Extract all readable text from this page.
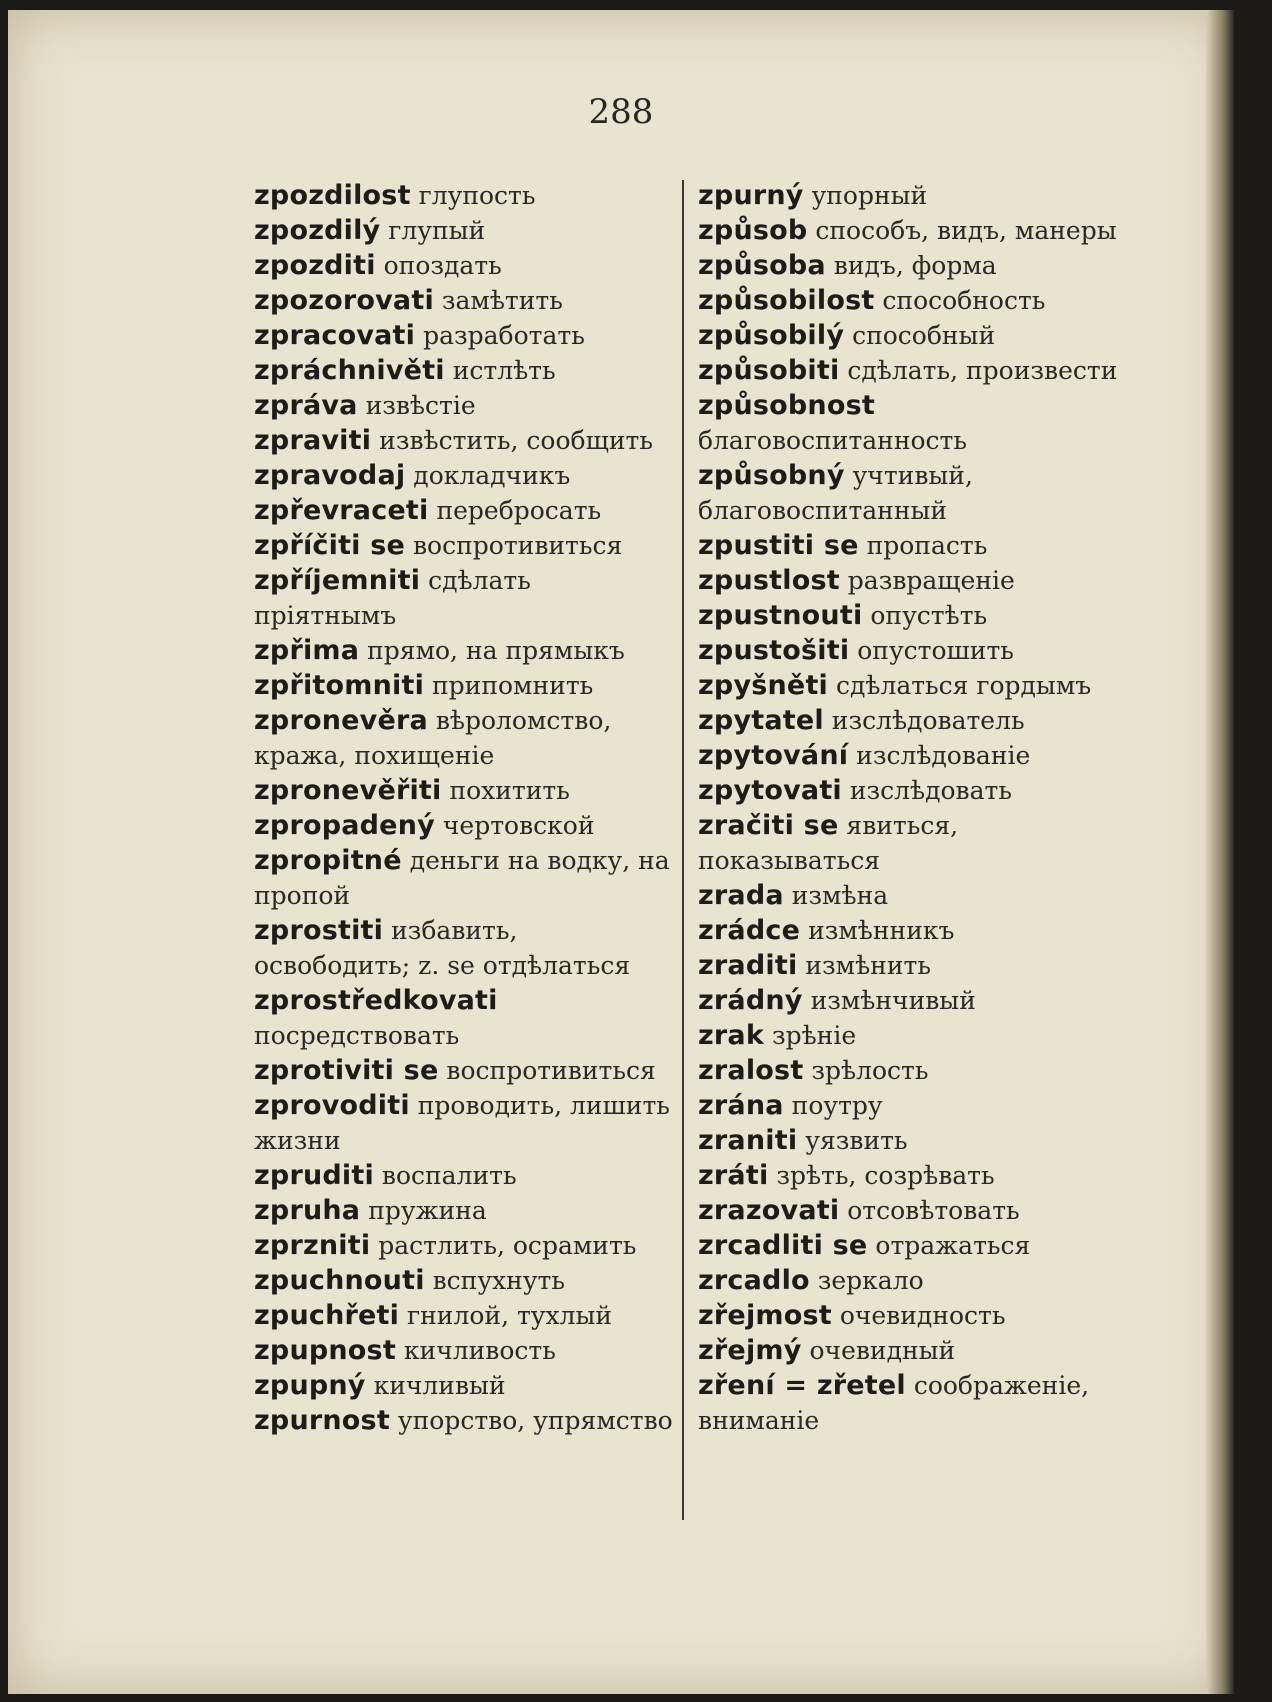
288

zpozdilost глупость

zpozdilý глупый

zpozditi опоздать

zpozorovati замѣтить

zpracovati разработать

zpráchnivěti истлѣть

zpráva извѣстіе

zpraviti извѣстить, сообщить

zpravodaj докладчикъ

zpřevraceti перебросать

zpříčiti se воспротивиться

zpříjemniti сдѣлать пріятнымъ

zpřima прямо, на прямыкъ

zpřitomniti припомнить

zpronevěra вѣроломство, кража, похищеніе

zpronevěřiti похитить

zpropadený чертовской

zpropitné деньги на водку, на пропой

zprostiti избавить, освободить; z. se отдѣлаться

zprostředkovatiпосредствовать

zprotiviti se воспротивиться

zprovoditi проводить, лишить жизни

zpruditi воспалить

zpruha пружина

zprzniti растлить, осрамить

zpuchnouti вспухнуть

zpuchřeti гнилой, тухлый

zpupnost кичливость

zpupný кичливый

zpurnost упорство, упрямство

zpurný упорный

způsob способъ, видъ, манеры

způsoba видъ, форма

způsobilost способность

způsobilý способный

způsobiti сдѣлать, произвести

způsobnostблаговоспитанность

způsobný учтивый, благовоспитанный

zpustiti se пропасть

zpustlost развращеніе

zpustnouti опустѣть

zpustošiti опустошить

zpyšněti сдѣлаться гордымъ

zpytatel изслѣдователь

zpytování изслѣдованіе

zpytovati изслѣдовать

zračiti se явиться, показываться

zrada измѣна

zrádce измѣнникъ

zraditi измѣнить

zrádný измѣнчивый

zrak зрѣніе

zralost зрѣлость

zrána поутру

zraniti уязвить

zráti зрѣть, созрѣвать

zrazovati отсовѣтовать

zrcadliti se отражаться

zrcadlo зеркало

zřejmost очевидность

zřejmý очевидный

zření = zřetel соображеніе, вниманіе
